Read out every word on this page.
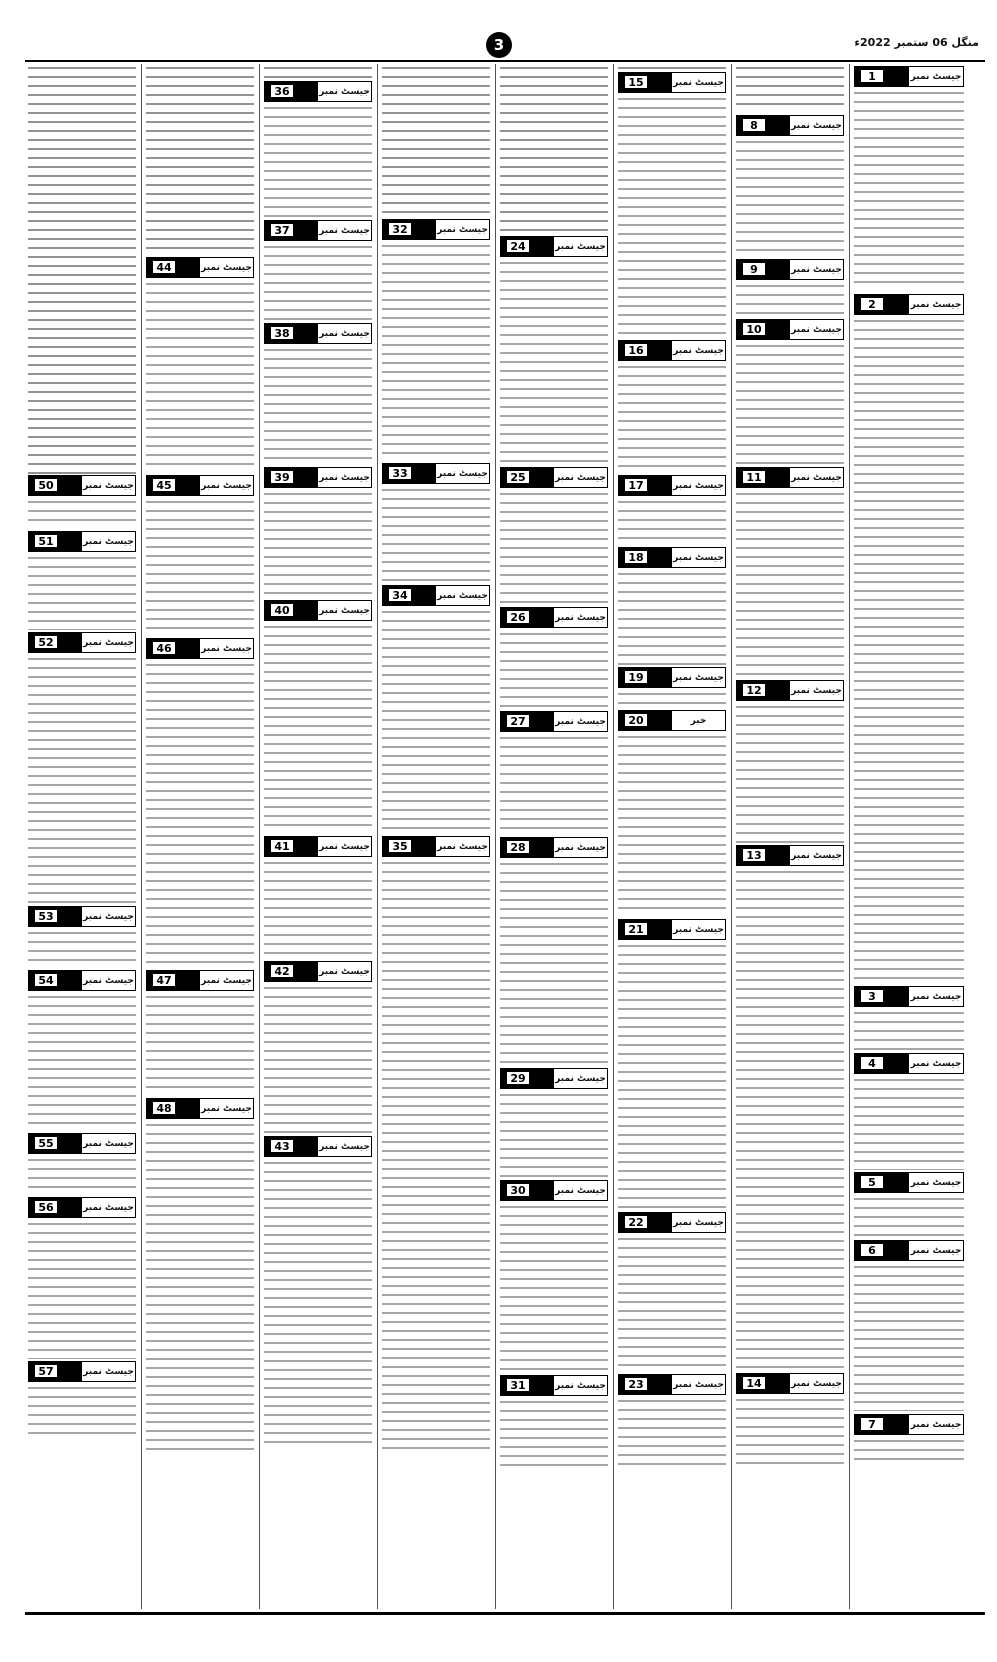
3	منگل 06 ستمبر 2022ء
50	جیسٹ نمبر
51	جیسٹ نمبر
52	جیسٹ نمبر
53	جیسٹ نمبر
54	جیسٹ نمبر
55	جیسٹ نمبر
56	جیسٹ نمبر
57	جیسٹ نمبر
44	جیسٹ نمبر
45	جیسٹ نمبر
46	جیسٹ نمبر
47	جیسٹ نمبر
48	جیسٹ نمبر
36	جیسٹ نمبر
37	جیسٹ نمبر
38	جیسٹ نمبر
39	جیسٹ نمبر
40	جیسٹ نمبر
41	جیسٹ نمبر
42	جیسٹ نمبر
43	جیسٹ نمبر
32	جیسٹ نمبر
33	جیسٹ نمبر
34	جیسٹ نمبر
35	جیسٹ نمبر
24	جیسٹ نمبر
25	جیسٹ نمبر
26	جیسٹ نمبر
27	جیسٹ نمبر
28	جیسٹ نمبر
29	جیسٹ نمبر
30	جیسٹ نمبر
31	جیسٹ نمبر
15	جیسٹ نمبر
16	جیسٹ نمبر
17	جیسٹ نمبر
18	جیسٹ نمبر
19	جیسٹ نمبر
20	خبر
21	جیسٹ نمبر
22	جیسٹ نمبر
23	جیسٹ نمبر
8	جیسٹ نمبر
9	جیسٹ نمبر
10	جیسٹ نمبر
11	جیسٹ نمبر
12	جیسٹ نمبر
13	جیسٹ نمبر
14	جیسٹ نمبر
1	جیسٹ نمبر
2	جیسٹ نمبر
3	جیسٹ نمبر
4	جیسٹ نمبر
5	جیسٹ نمبر
6	جیسٹ نمبر
7	جیسٹ نمبر
